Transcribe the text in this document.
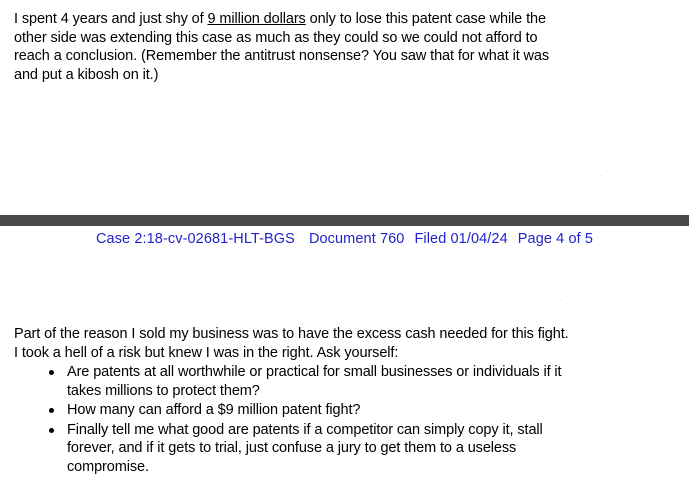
I spent 4 years and just shy of 9 million dollars only to lose this patent case while the
other side was extending this case as much as they could so we could not afford to
reach a conclusion. (Remember the antitrust nonsense? You saw that for what it was
and put a kibosh on it.)
Case 2:18-cv-02681-HLT-BGS Document 760 Filed 01/04/24 Page 4 of 5
Part of the reason I sold my business was to have the excess cash needed for this fight.
I took a hell of a risk but knew I was in the right. Ask yourself:
Are patents at all worthwhile or practical for small businesses or individuals if it
takes millions to protect them?
How many can afford a $9 million patent fight?
Finally tell me what good are patents if a competitor can simply copy it, stall
forever, and if it gets to trial, just confuse a jury to get them to a useless
compromise.
